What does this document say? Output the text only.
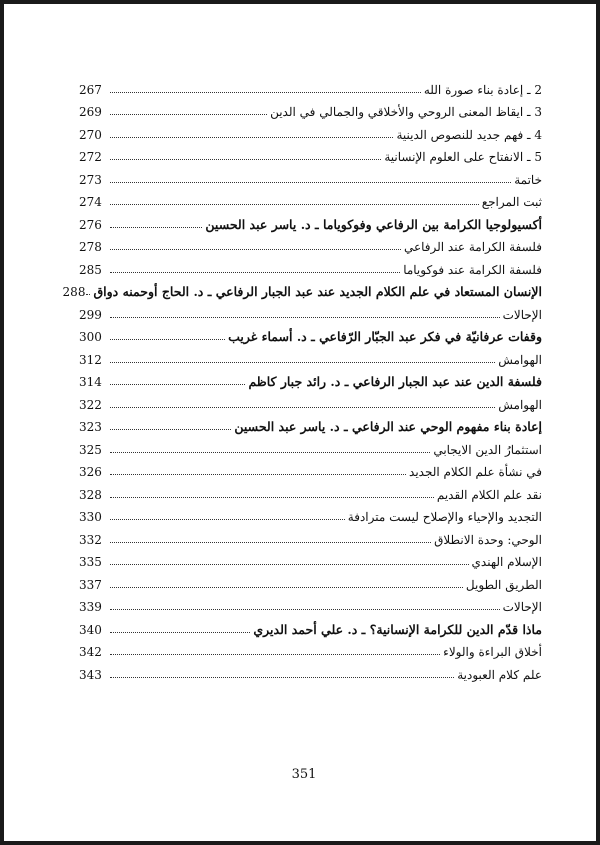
2 ـ إعادة بناء صورة الله
267
3 ـ ايقاظ المعنى الروحي والأخلاقي والجمالي في الدين
269
4 ـ فهم جديد للنصوص الدينية
270
5 ـ الانفتاح على العلوم الإنسانية
272
خاتمة
273
ثبت المراجع
274
أكسيولوجيا الكرامة بين الرفاعي وفوكوياما ـ د. ياسر عبد الحسين
276
فلسفة الكرامة عند الرفاعي
278
فلسفة الكرامة عند فوكوياما
285
الإنسان المستعاد في علم الكلام الجديد عند عبد الجبار الرفاعي ـ د. الحاج أوحمنه دواق
288
الإحالات
299
وقفات عرفانيّة في فكر عبد الجبّار الرّفاعي ـ د. أسماء غريب
300
الهوامش
312
فلسفة الدين عند عبد الجبار الرفاعي ـ د. رائد جبار كاظم
314
الهوامش
322
إعادة بناء مفهوم الوحي عند الرفاعي ـ د. ياسر عبد الحسين
323
استثمارُ الدين الايجابي
325
في نشأة علم الكلام الجديد
326
نقد علم الكلام القديم
328
التجديد والإحياء والإصلاح ليست مترادفة
330
الوحي: وحدة الانطلاق
332
الإسلام الهندي
335
الطريق الطويل
337
الإحالات
339
ماذا قدّم الدين للكرامة الإنسانية؟ ـ د. علي أحمد الديري
340
أخلاق البراءة والولاء
342
علم كلام العبودية
343
351
